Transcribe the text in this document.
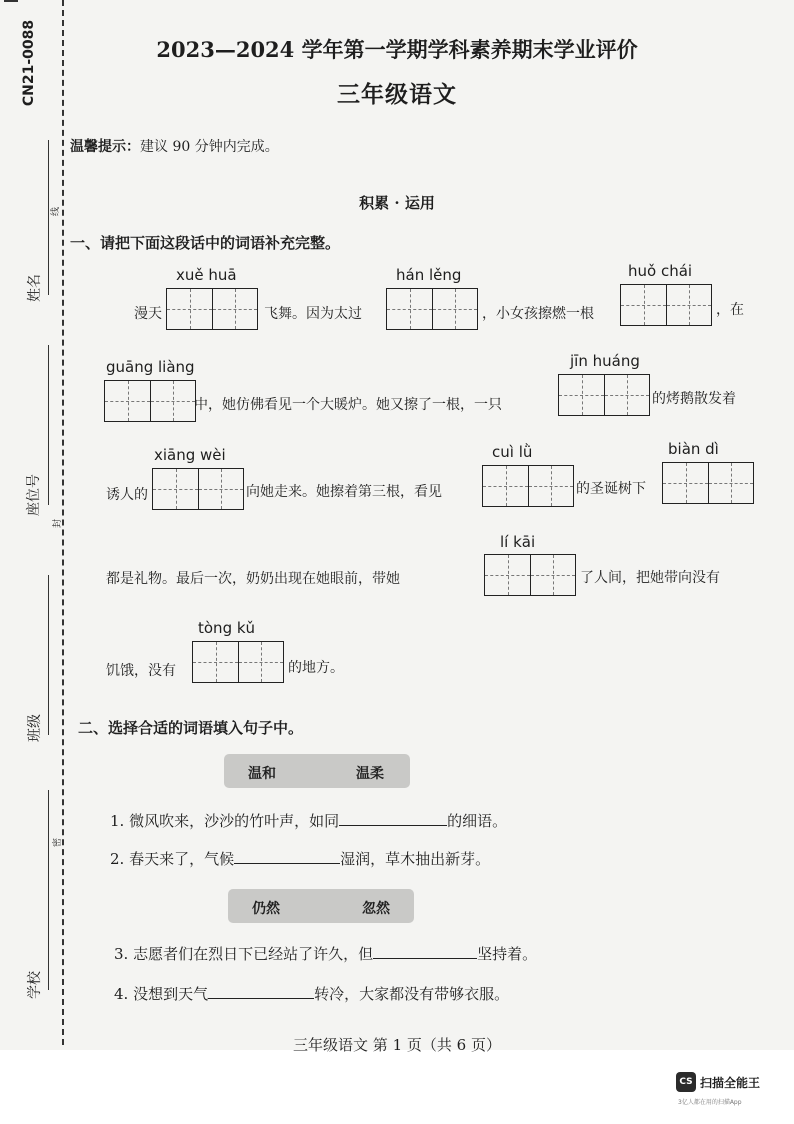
CN21-0088
姓名
线
座位号
封
班级
密
学校
2023—2024 学年第一学期学科素养期末学业评价
三年级语文
温馨提示：建议 90 分钟内完成。
积累 · 运用
一、请把下面这段话中的词语补充完整。
xuě huā
漫天	飞舞。因为太过
hán lěng
，小女孩擦燃一根
huǒ chái
，在
guāng liàng
中，她仿佛看见一个大暖炉。她又擦了一根，一只
jīn huáng
的烤鹅散发着
xiāng wèi
诱人的	向她走来。她擦着第三根，看见
cuì lǜ
的圣诞树下
biàn dì
lí kāi
都是礼物。最后一次，奶奶出现在她眼前，带她	了人间，把她带向没有
tòng kǔ
饥饿，没有	的地方。
二、选择合适的词语填入句子中。
温和	温柔
1. 微风吹来，沙沙的竹叶声，如同	的细语。
2. 春天来了，气候	湿润，草木抽出新芽。
仍然	忽然
3. 志愿者们在烈日下已经站了许久，但	坚持着。
4. 没想到天气	转冷，大家都没有带够衣服。
三年级语文 第 1 页（共 6 页）
CS 扫描全能王
3亿人都在用的扫描App
